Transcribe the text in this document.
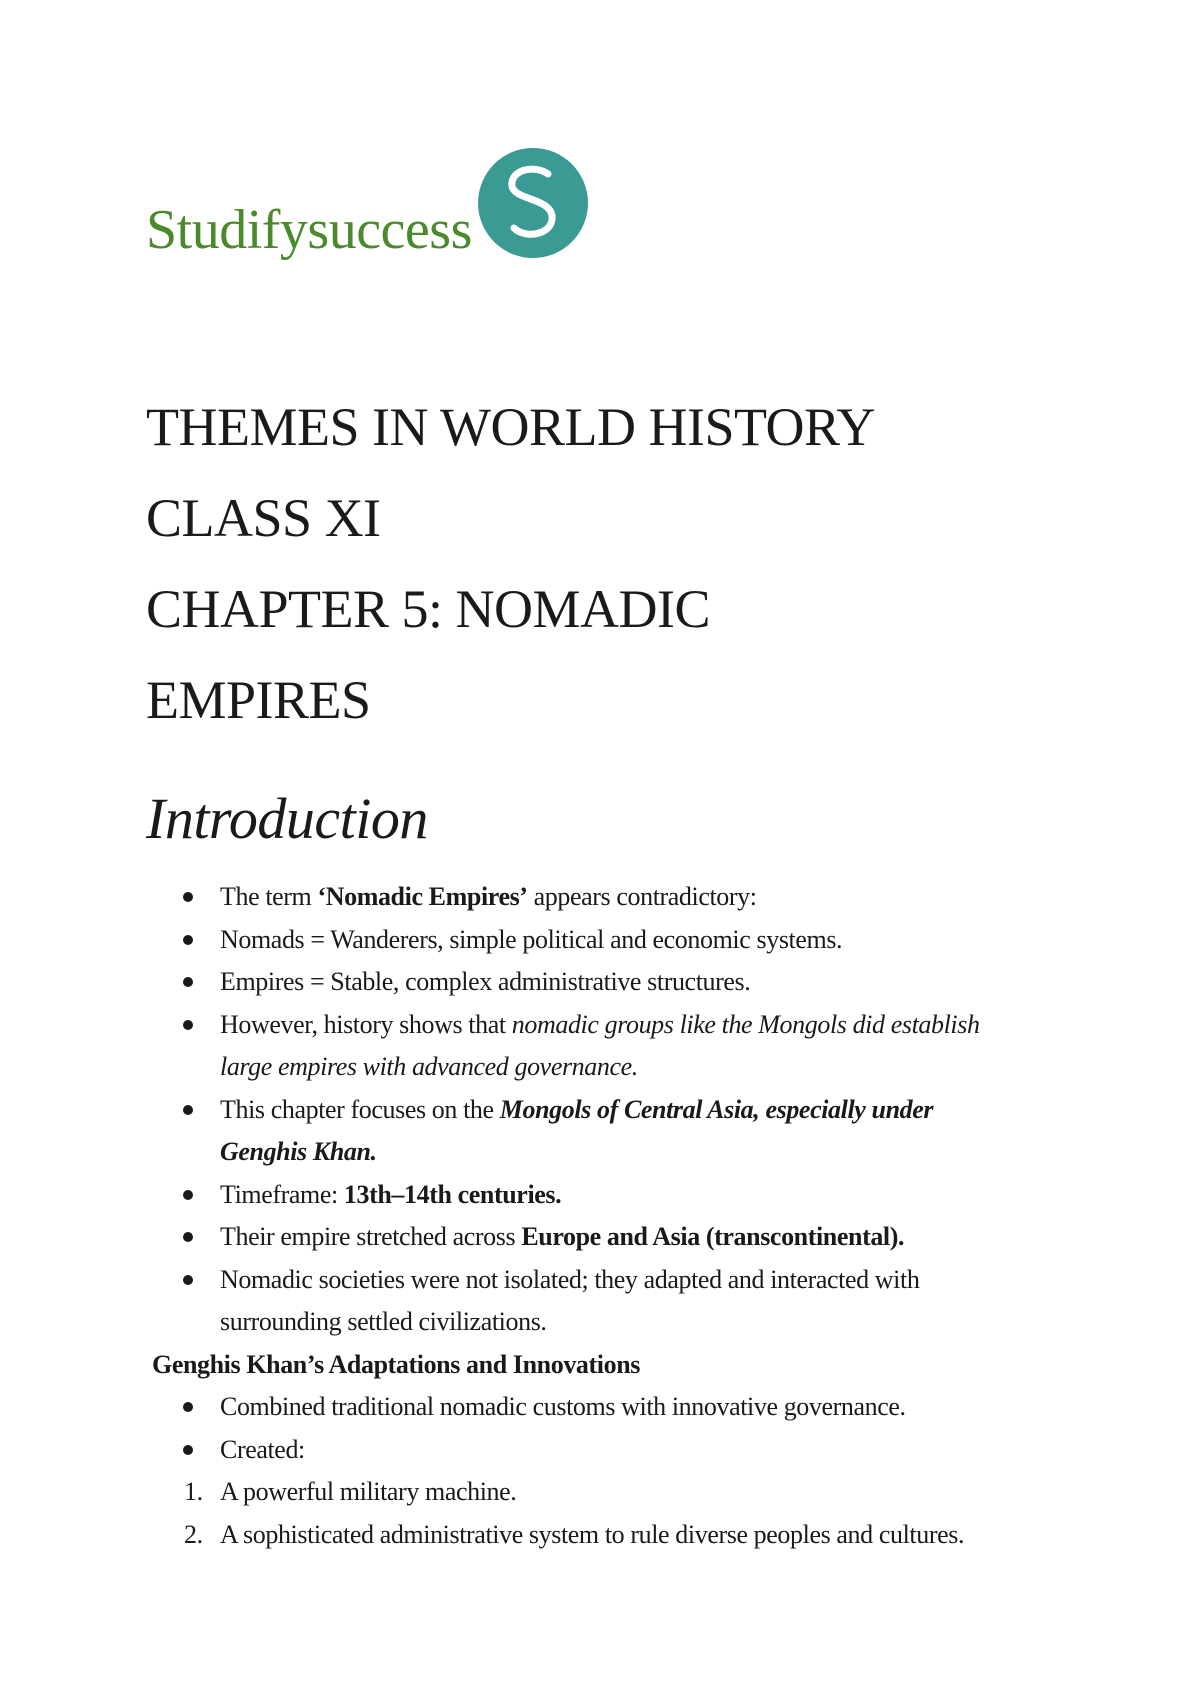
Studifysuccess
THEMES IN WORLD HISTORY
CLASS XI
CHAPTER 5: NOMADIC
EMPIRES
Introduction
The term ‘Nomadic Empires’ appears contradictory:
Nomads = Wanderers, simple political and economic systems.
Empires = Stable, complex administrative structures.
However, history shows that nomadic groups like the Mongols did establish
large empires with advanced governance.
This chapter focuses on the Mongols of Central Asia, especially under
Genghis Khan.
Timeframe: 13th–14th centuries.
Their empire stretched across Europe and Asia (transcontinental).
Nomadic societies were not isolated; they adapted and interacted with
surrounding settled civilizations.
Genghis Khan’s Adaptations and Innovations
Combined traditional nomadic customs with innovative governance.
Created:
1. A powerful military machine.
2. A sophisticated administrative system to rule diverse peoples and cultures.
